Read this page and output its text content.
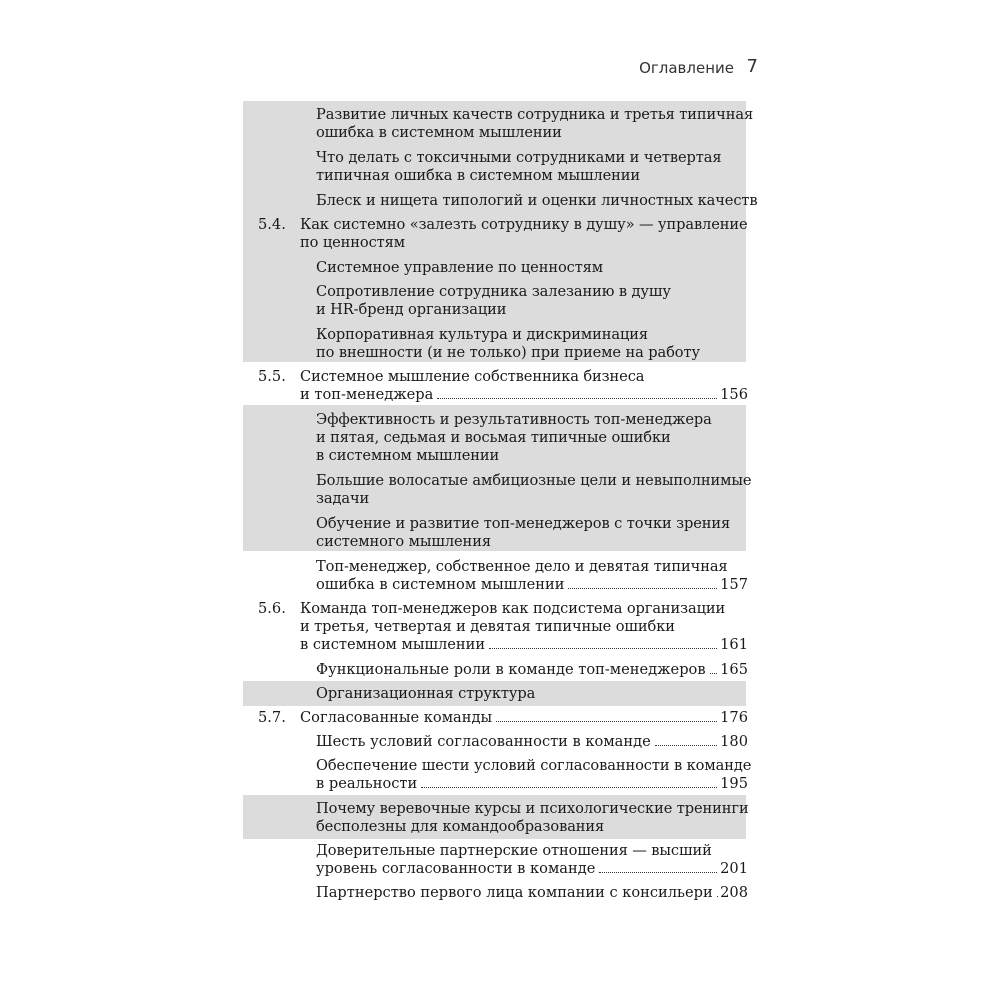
Оглавление 7
Развитие личных качеств сотрудника и третья типичная
ошибка в системном мышлении
Что делать с токсичными сотрудниками и четвертая
типичная ошибка в системном мышлении
Блеск и нищета типологий и оценки личностных качеств
5.4. Как системно «залезть сотруднику в душу» — управление
по ценностям
Системное управление по ценностям
Сопротивление сотрудника залезанию в душу
и HR-бренд организации
Корпоративная культура и дискриминация
по внешности (и не только) при приеме на работу
5.5. Системное мышление собственника бизнеса
и топ-менеджера	156
Эффективность и результативность топ-менеджера
и пятая, седьмая и восьмая типичные ошибки
в системном мышлении
Большие волосатые амбициозные цели и невыполнимые
задачи
Обучение и развитие топ-менеджеров с точки зрения
системного мышления
Топ-менеджер, собственное дело и девятая типичная
ошибка в системном мышлении	157
5.6. Команда топ-менеджеров как подсистема организации
и третья, четвертая и девятая типичные ошибки
в системном мышлении	161
Функциональные роли в команде топ-менеджеров 165
Организационная структура
5.7. Согласованные команды	176
Шесть условий согласованности в команде	180
Обеспечение шести условий согласованности в команде
в реальности	195
Почему веревочные курсы и психологические тренинги
бесполезны для командообразования
Доверительные партнерские отношения — высший
уровень согласованности в команде	201
Партнерство первого лица компании с консильери 208
